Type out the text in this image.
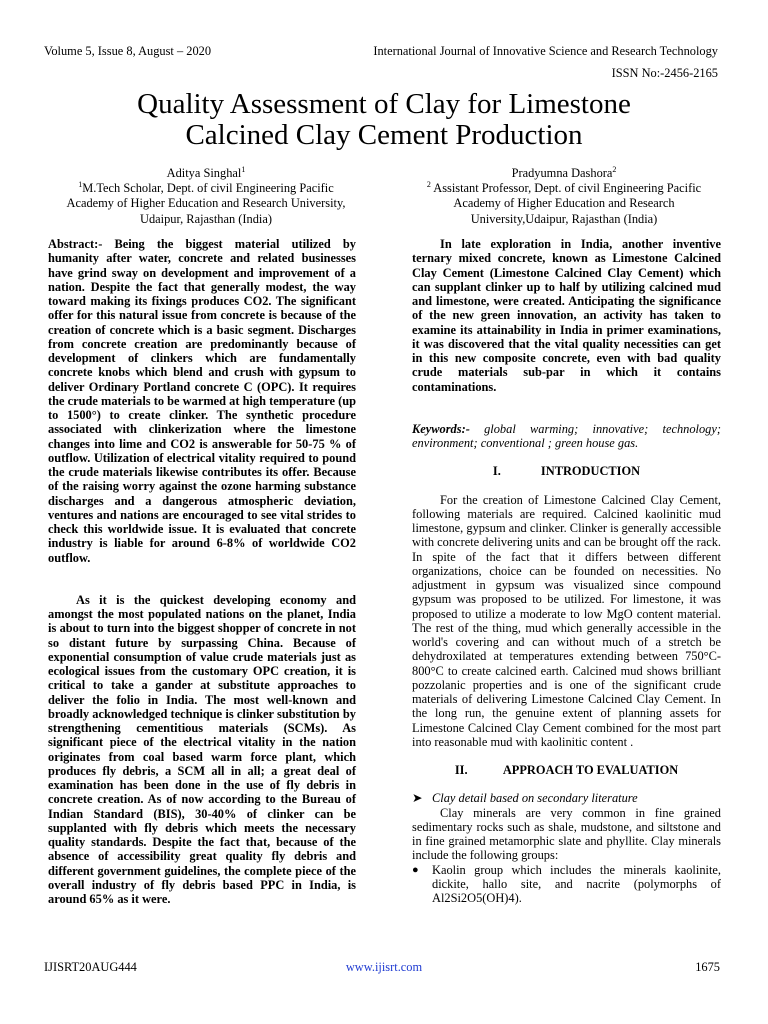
Volume 5, Issue 8, August – 2020	International Journal of Innovative Science and Research Technology
ISSN No:-2456-2165
Quality Assessment of Clay for Limestone
Calcined Clay Cement Production
Aditya Singhal$^1$
$^1$M.Tech Scholar, Dept. of civil Engineering Pacific
Academy of Higher Education and Research University,
Udaipur, Rajasthan (India)
Pradyumna Dashora$^2$
$^2$ Assistant Professor, Dept. of civil Engineering Pacific
Academy of Higher Education and Research
University,Udaipur, Rajasthan (India)

Abstract:- Being the biggest material utilized by humanity after water, concrete and related businesses have grind sway on development and improvement of a nation. Despite the fact that generally modest, the way toward making its fixings produces CO2. The significant offer for this natural issue from concrete is because of the creation of concrete which is a basic segment. Discharges from concrete creation are predominantly because of development of clinkers which are fundamentally concrete knobs which blend and crush with gypsum to deliver Ordinary Portland concrete C (OPC). It requires the crude materials to be warmed at high temperature (up to 1500°) to create clinker. The synthetic procedure associated with clinkerization where the limestone changes into lime and CO2 is answerable for 50-75 % of outflow. Utilization of electrical vitality required to pound the crude materials likewise contributes its offer. Because of the raising worry against the ozone harming substance discharges and a dangerous atmospheric deviation, ventures and nations are encouraged to see vital strides to check this worldwide issue. It is evaluated that concrete industry is liable for around 6-8% of worldwide CO2 outflow.

As it is the quickest developing economy and amongst the most populated nations on the planet, India is about to turn into the biggest shopper of concrete in not so distant future by surpassing China. Because of exponential consumption of value crude materials just as ecological issues from the customary OPC creation, it is critical to take a gander at substitute approaches to deliver the folio in India. The most well-known and broadly acknowledged technique is clinker substitution by strengthening cementitious materials (SCMs). As significant piece of the electrical vitality in the nation originates from coal based warm force plant, which produces fly debris, a SCM all in all; a great deal of examination has been done in the use of fly debris in concrete creation. As of now according to the Bureau of Indian Standard (BIS), 30-40% of clinker can be supplanted with fly debris which meets the necessary quality standards. Despite the fact that, because of the absence of accessibility great quality fly debris and different government guidelines, the complete piece of the overall industry of fly debris based PPC in India, is around 65% as it were.

In late exploration in India, another inventive ternary mixed concrete, known as Limestone Calcined Clay Cement (Limestone Calcined Clay Cement) which can supplant clinker up to half by utilizing calcined mud and limestone, were created. Anticipating the significance of the new green innovation, an activity has taken to examine its attainability in India in primer examinations, it was discovered that the vital quality necessities can get in this new composite concrete, even with bad quality crude materials sub-par in which it contains contaminations.

Keywords:- global warming; innovative; technology; environment; conventional ; green house gas.

I.	INTRODUCTION

For the creation of Limestone Calcined Clay Cement, following materials are required. Calcined kaolinitic mud limestone, gypsum and clinker. Clinker is generally accessible with concrete delivering units and can be brought off the rack. In spite of the fact that it differs between different organizations, choice can be founded on necessities. No adjustment in gypsum was visualized since compound gypsum was proposed to be utilized. For limestone, it was proposed to utilize a moderate to low MgO content material. The rest of the thing, mud which generally accessible in the world's covering and can without much of a stretch be dehydroxilated at temperatures extending between 750°C-800°C to create calcined earth. Calcined mud shows brilliant pozzolanic properties and is one of the significant crude materials of delivering Limestone Calcined Clay Cement. In the long run, the genuine extent of planning assets for Limestone Calcined Clay Cement combined for the most part into reasonable mud with kaolinitic content .

II.	APPROACH TO EVALUATION

➤ Clay detail based on secondary literature

Clay minerals are very common in fine grained sedimentary rocks such as shale, mudstone, and siltstone and in fine grained metamorphic slate and phyllite. Clay minerals include the following groups:

●	Kaolin group which includes the minerals kaolinite, dickite, hallo site, and nacrite (polymorphs of Al2Si2O5(OH)4).
IJISRT20AUG444	www.ijisrt.com	1675
